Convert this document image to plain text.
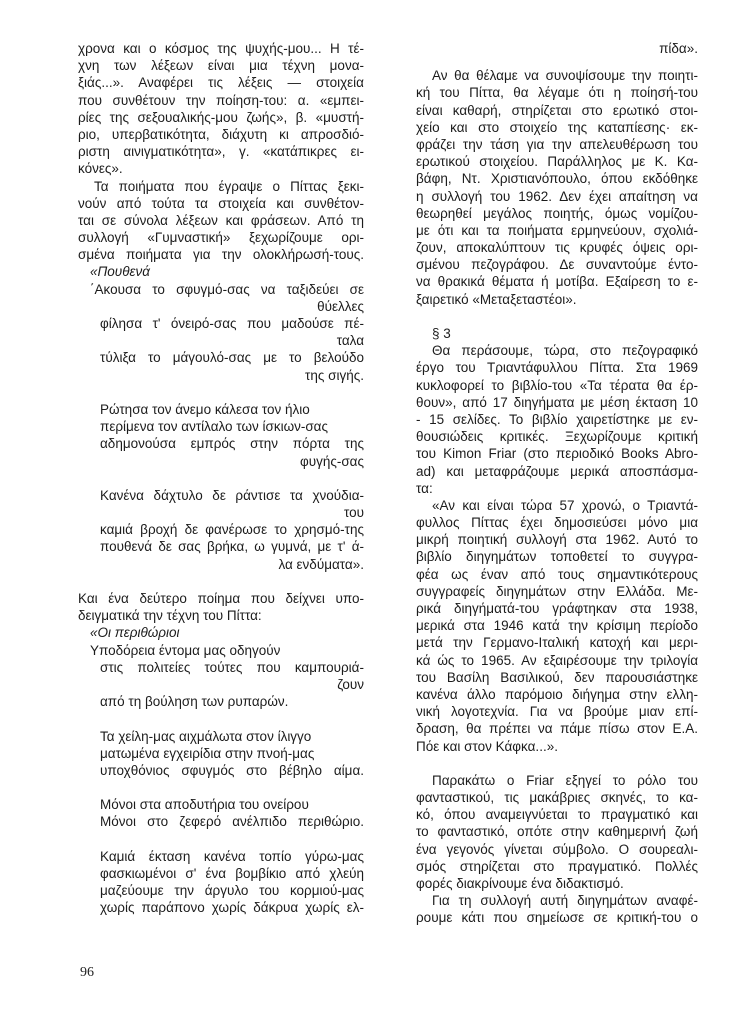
χρονα και ο κόσμος της ψυχής-μου... Η τέ-
χνη των λέξεων είναι μια τέχνη μονα-
ξιάς...». Αναφέρει τις λέξεις — στοιχεία
που συνθέτουν την ποίηση-του: α. «εμπει-
ρίες της σεξουαλικής-μου ζωής», β. «μυστή-
ριο, υπερβατικότητα, διάχυτη κι απροσδιό-
ριστη αινιγματικότητα», γ. «κατάπικρες ει-
κόνες».
Τα ποιήματα που έγραψε ο Πίττας ξεκι-
νούν από τούτα τα στοιχεία και συνθέτον-
ται σε σύνολα λέξεων και φράσεων. Από τη
συλλογή «Γυμναστική» ξεχωρίζουμε ορι-
σμένα ποιήματα για την ολοκλήρωσή-τους.
«Πουθενά
΄Ακουσα το σφυγμό-σας να ταξιδεύει σε
θύελλες
φίλησα τ' όνειρό-σας που μαδούσε πέ-
ταλα
τύλιξα το μάγουλό-σας με το βελούδο
της σιγής.
Ρώτησα τον άνεμο κάλεσα τον ήλιο
περίμενα τον αντίλαλο των ίσκιων-σας
αδημονούσα εμπρός στην πόρτα της
φυγής-σας
Κανένα δάχτυλο δε ράντισε τα χνούδια-
του
καμιά βροχή δε φανέρωσε το χρησμό-της
πουθενά δε σας βρήκα, ω γυμνά, με τ' ά-
λα ενδύματα».
Και ένα δεύτερο ποίημα που δείχνει υπο-
δειγματικά την τέχνη του Πίττα:
«Οι περιθώριοι
Υποδόρεια έντομα μας οδηγούν
στις πολιτείες τούτες που καμπουριά-
ζουν
από τη βούληση των ρυπαρών.
Τα χείλη-μας αιχμάλωτα στον ίλιγγο
ματωμένα εγχειρίδια στην πνοή-μας
υποχθόνιος σφυγμός στο βέβηλο αίμα.
Μόνοι στα αποδυτήρια του ονείρου
Μόνοι στο ζεφερό ανέλπιδο περιθώριο.
Καμιά έκταση κανένα τοπίο γύρω-μας
φασκιωμένοι σ' ένα βομβίκιο από χλεύη
μαζεύουμε την άργυλο του κορμιού-μας
χωρίς παράπονο χωρίς δάκρυα χωρίς ελ-
πίδα».
Αν θα θέλαμε να συνοψίσουμε την ποιητι-
κή του Πίττα, θα λέγαμε ότι η ποίησή-του
είναι καθαρή, στηρίζεται στο ερωτικό στοι-
χείο και στο στοιχείο της καταπίεσης· εκ-
φράζει την τάση για την απελευθέρωση του
ερωτικού στοιχείου. Παράλληλος με Κ. Κα-
βάφη, Ντ. Χριστιανόπουλο, όπου εκδόθηκε
η συλλογή του 1962. Δεν έχει απαίτηση να
θεωρηθεί μεγάλος ποιητής, όμως νομίζου-
με ότι και τα ποιήματα ερμηνεύουν, σχολιά-
ζουν, αποκαλύπτουν τις κρυφές όψεις ορι-
σμένου πεζογράφου. Δε συναντούμε έντο-
να θρακικά θέματα ή μοτίβα. Εξαίρεση το ε-
ξαιρετικό «Μεταξεταστέοι».
§ 3
Θα περάσουμε, τώρα, στο πεζογραφικό
έργο του Τριαντάφυλλου Πίττα. Στα 1969
κυκλοφορεί το βιβλίο-του «Τα τέρατα θα έρ-
θουν», από 17 διηγήματα με μέση έκταση 10
- 15 σελίδες. Το βιβλίο χαιρετίστηκε με εν-
θουσιώδεις κριτικές. Ξεχωρίζουμε κριτική
του Kimon Friar (στο περιοδικό Books Abro-
ad) και μεταφράζουμε μερικά αποσπάσμα-
τα:
«Αν και είναι τώρα 57 χρονώ, ο Τριαντά-
φυλλος Πίττας έχει δημοσιεύσει μόνο μια
μικρή ποιητική συλλογή στα 1962. Αυτό το
βιβλίο διηγημάτων τοποθετεί το συγγρα-
φέα ως έναν από τους σημαντικότερους
συγγραφείς διηγημάτων στην Ελλάδα. Με-
ρικά διηγήματά-του γράφτηκαν στα 1938,
μερικά στα 1946 κατά την κρίσιμη περίοδο
μετά την Γερμανο-Ιταλική κατοχή και μερι-
κά ώς το 1965. Αν εξαιρέσουμε την τριλογία
του Βασίλη Βασιλικού, δεν παρουσιάστηκε
κανένα άλλο παρόμοιο διήγημα στην ελλη-
νική λογοτεχνία. Για να βρούμε μιαν επί-
δραση, θα πρέπει να πάμε πίσω στον Ε.Α.
Πόε και στον Κάφκα...».
Παρακάτω ο Friar εξηγεί το ρόλο του
φανταστικού, τις μακάβριες σκηνές, το κα-
κό, όπου αναμειγνύεται το πραγματικό και
το φανταστικό, οπότε στην καθημερινή ζωή
ένα γεγονός γίνεται σύμβολο. Ο σουρεαλι-
σμός στηρίζεται στο πραγματικό. Πολλές
φορές διακρίνουμε ένα διδακτισμό.
Για τη συλλογή αυτή διηγημάτων αναφέ-
ρουμε κάτι που σημείωσε σε κριτική-του ο
96
